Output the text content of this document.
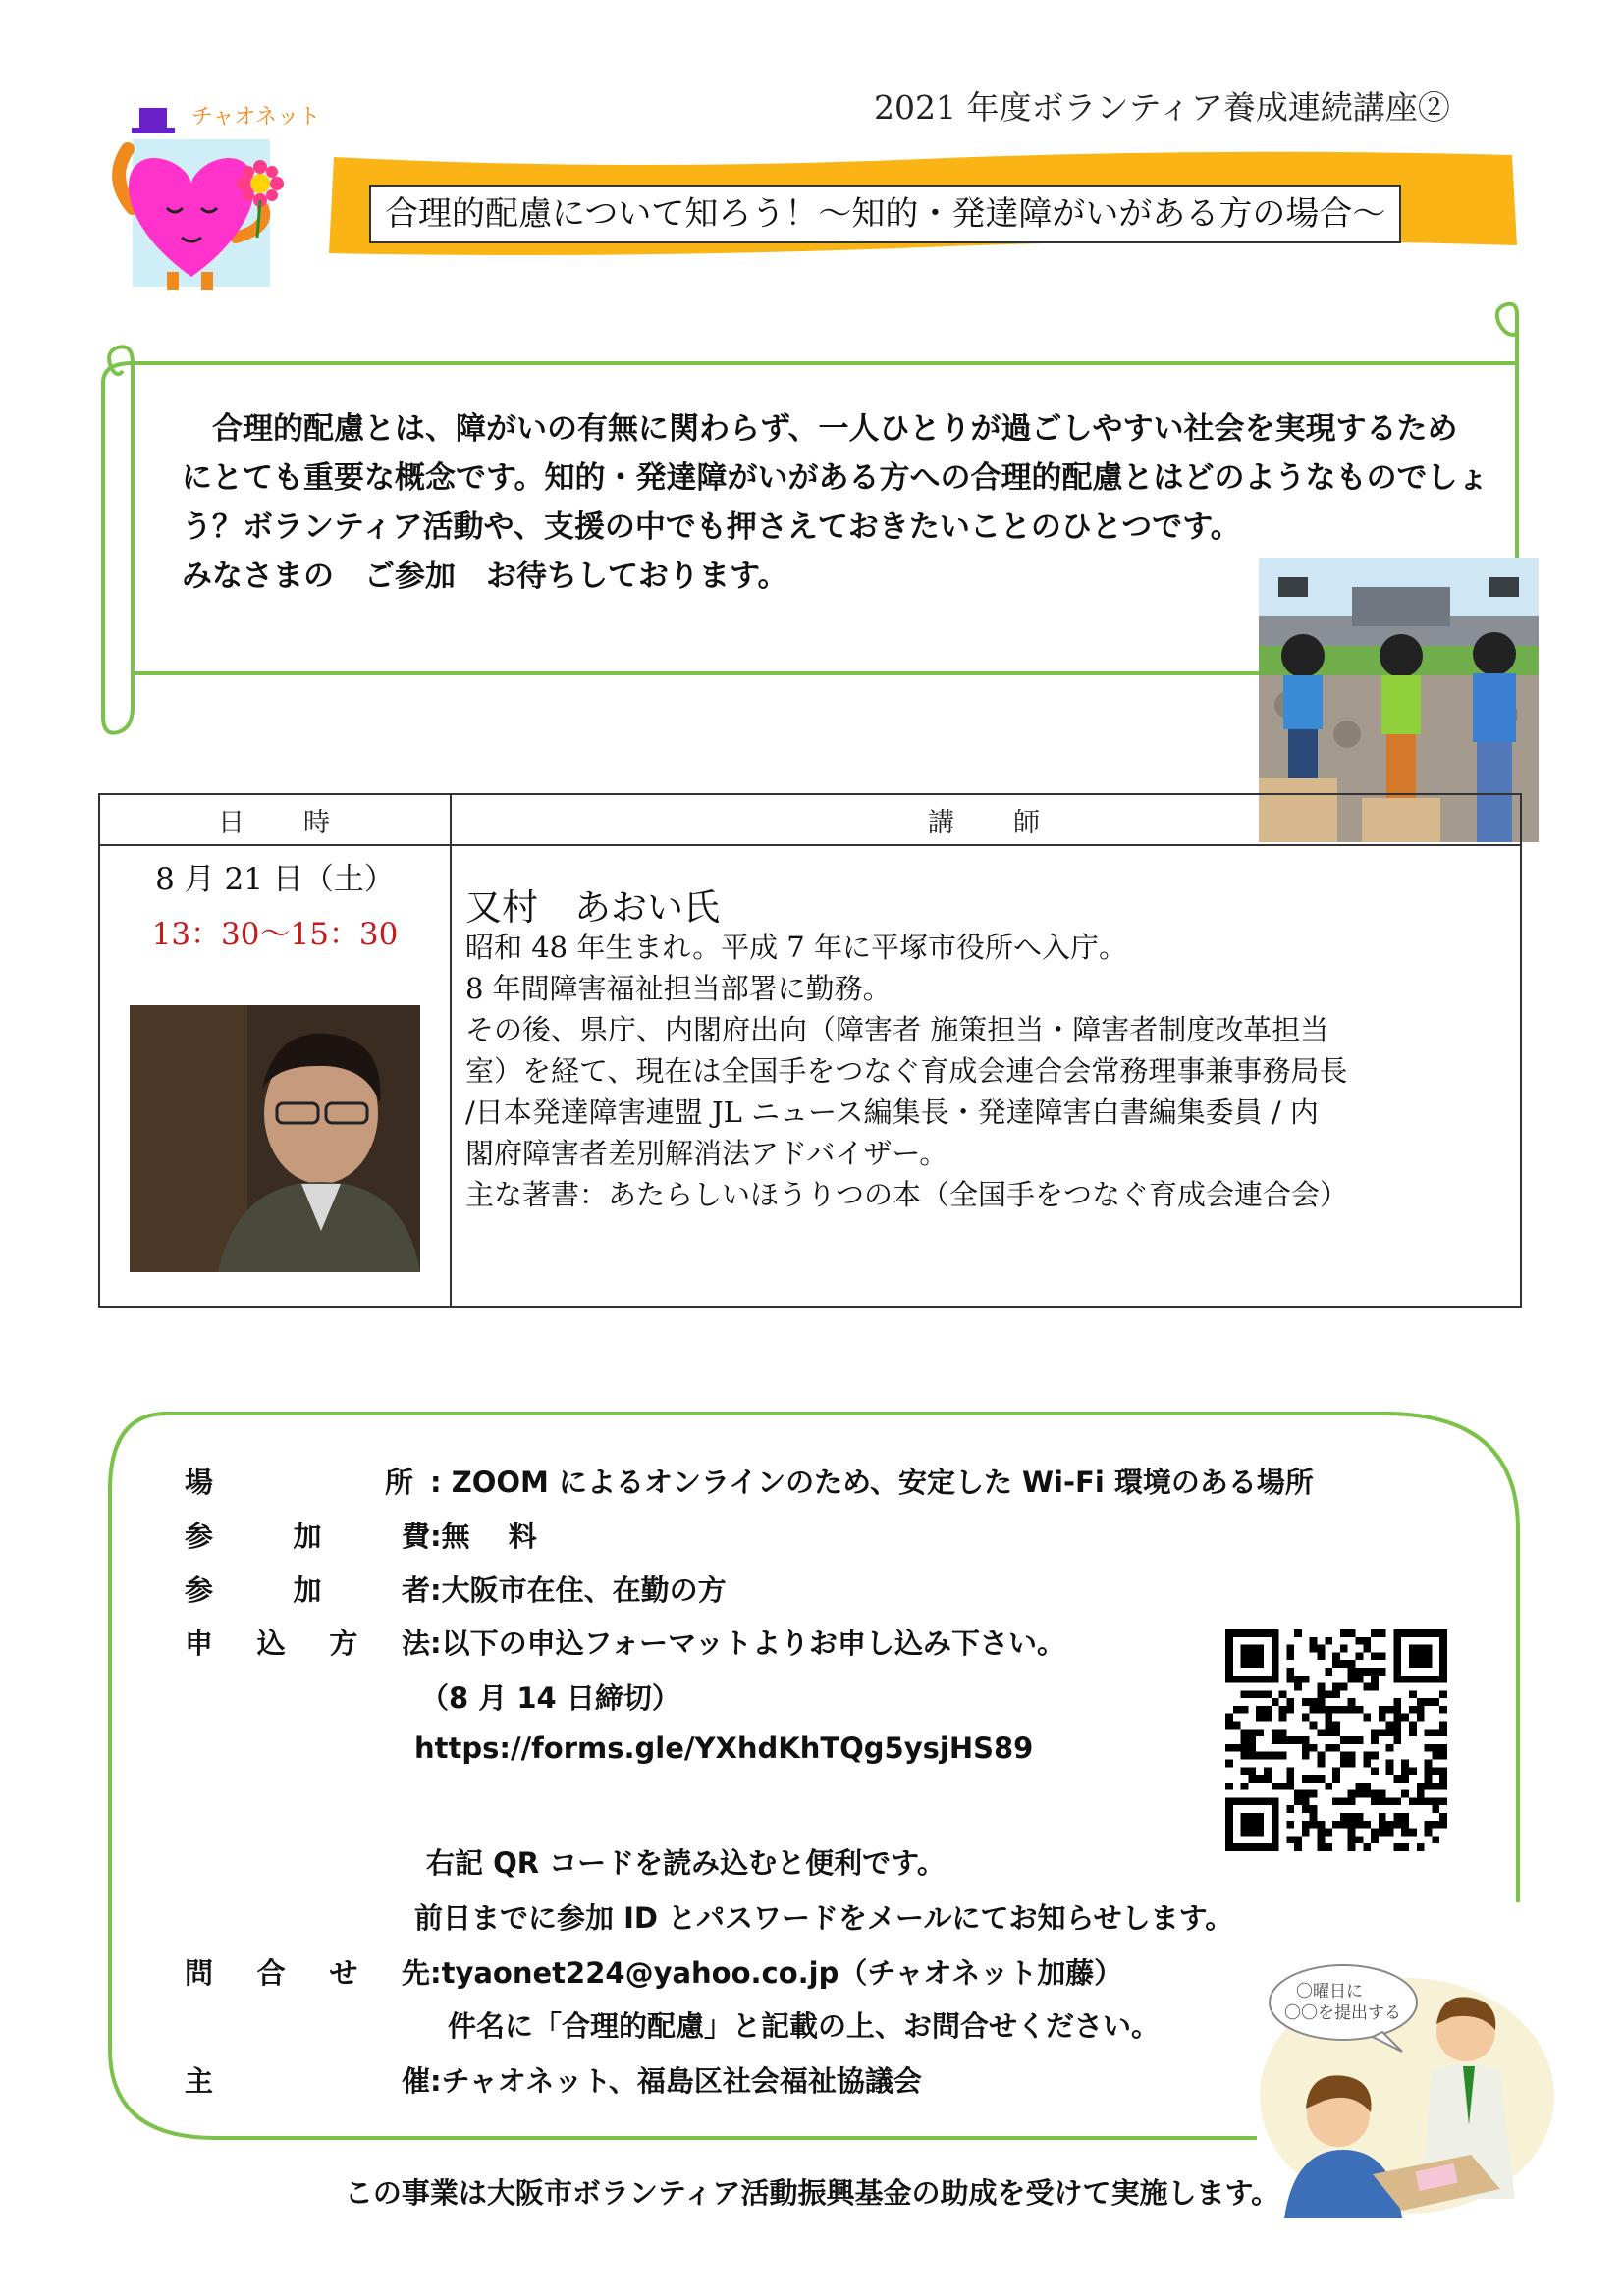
チャオネット	2021 年度ボランティア養成連続講座②
合理的配慮について知ろう！～知的・発達障がいがある方の場合～

　合理的配慮とは、障がいの有無に関わらず、一人ひとりが過ごしやすい社会を実現するため

にとても重要な概念です。知的・発達障がいがある方への合理的配慮とはどのようなものでしょ

う？ボランティア活動や、支援の中でも押さえておきたいことのひとつです。

みなさまの　ご参加　お待ちしております。

日　　時	講　　師
8 月 21 日（土）
13：30～15：30
又村　あおい氏

昭和 48 年生まれ。平成 7 年に平塚市役所へ入庁。

8 年間障害福祉担当部署に勤務。

その後、県庁、内閣府出向（障害者 施策担当・障害者制度改革担当

室）を経て、現在は全国手をつなぐ育成会連合会常務理事兼事務局長

/日本発達障害連盟 JL ニュース編集長・発達障害白書編集委員 / 内

閣府障害者差別解消法アドバイザー。

主な著書：あたらしいほうりつの本（全国手をつなぐ育成会連合会）

場	所 : ZOOM によるオンラインのため、安定した Wi-Fi 環境のある場所
参	加	費 :無　 料
参	加	者 :大阪市在住、在勤の方
申 込 方 法 :以下の申込フォーマットよりお申し込み下さい。
（8 月 14 日締切）
https://forms.gle/YXhdKhTQg5ysjHS89
右記 QR コードを読み込むと便利です。
前日までに参加 ID とパスワードをメールにてお知らせします。
問 合 せ 先 :tyaonet224@yahoo.co.jp（チャオネット加藤）
件名に「合理的配慮」と記載の上、お問合せください。
主	催 :チャオネット、福島区社会福祉協議会
〇曜日に
〇〇を提出する
この事業は大阪市ボランティア活動振興基金の助成を受けて実施します。
